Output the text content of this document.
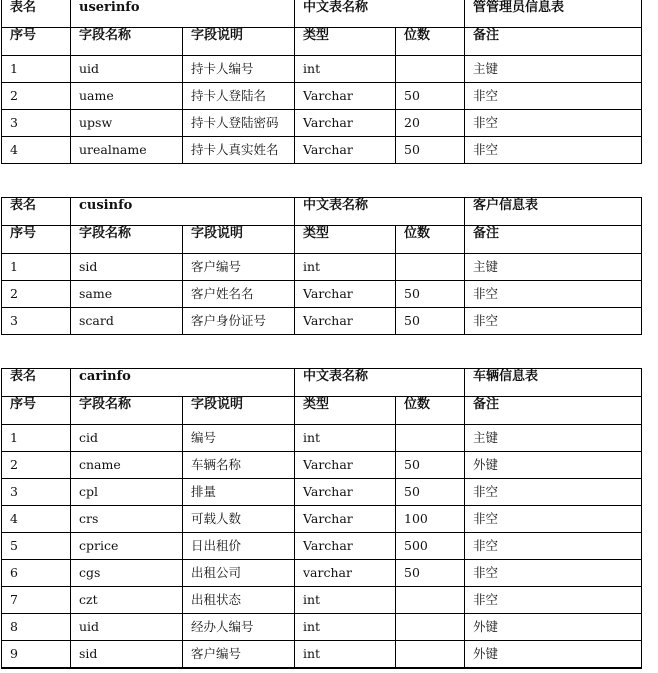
表名	userinfo		中文表名称		管管理员信息表
序号	字段名称	字段说明	类型	位数	备注
1	uid	持卡人编号	int		主键
2	uame	持卡人登陆名	Varchar	50	非空
3	upsw	持卡人登陆密码	Varchar	20	非空
4	urealname	持卡人真实姓名	Varchar	50	非空
表名	cusinfo		中文表名称		客户信息表
序号	字段名称	字段说明	类型	位数	备注
1	sid	客户编号	int		主键
2	same	客户姓名名	Varchar	50	非空
3	scard	客户身份证号	Varchar	50	非空
表名	carinfo		中文表名称		车辆信息表
序号	字段名称	字段说明	类型	位数	备注
1	cid	编号	int		主键
2	cname	车辆名称	Varchar	50	外键
3	cpl	排量	Varchar	50	非空
4	crs	可载人数	Varchar	100	非空
5	cprice	日出租价	Varchar	500	非空
6	cgs	出租公司	varchar	50	非空
7	czt	出租状态	int		非空
8	uid	经办人编号	int		外键
9	sid	客户编号	int		外键
